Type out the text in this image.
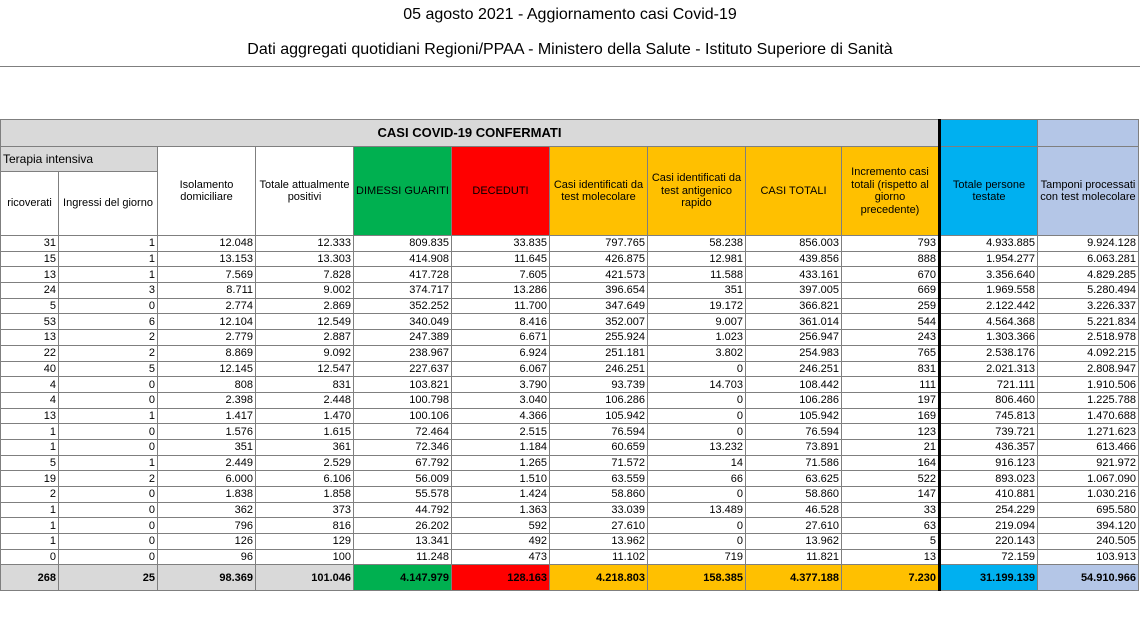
05 agosto 2021 - Aggiornamento casi Covid-19
Dati aggregati quotidiani Regioni/PPAA - Ministero della Salute - Istituto Superiore di Sanità
CASI COVID-19 CONFERMATI											
Terapia intensiva		Isolamento domiciliare	Totale attualmente positivi	DIMESSI GUARITI	DECEDUTI	Casi identificati da test molecolare	Casi identificati da test antigenico rapido	CASI TOTALI	Incremento casi totali (rispetto al giorno precedente)	Totale persone testate	Tamponi processati con test molecolare
ricoverati	Ingressi del giorno										
31	1	12.048	12.333	809.835	33.835	797.765	58.238	856.003	793	4.933.885	9.924.128
15	1	13.153	13.303	414.908	11.645	426.875	12.981	439.856	888	1.954.277	6.063.281
13	1	7.569	7.828	417.728	7.605	421.573	11.588	433.161	670	3.356.640	4.829.285
24	3	8.711	9.002	374.717	13.286	396.654	351	397.005	669	1.969.558	5.280.494
5	0	2.774	2.869	352.252	11.700	347.649	19.172	366.821	259	2.122.442	3.226.337
53	6	12.104	12.549	340.049	8.416	352.007	9.007	361.014	544	4.564.368	5.221.834
13	2	2.779	2.887	247.389	6.671	255.924	1.023	256.947	243	1.303.366	2.518.978
22	2	8.869	9.092	238.967	6.924	251.181	3.802	254.983	765	2.538.176	4.092.215
40	5	12.145	12.547	227.637	6.067	246.251	0	246.251	831	2.021.313	2.808.947
4	0	808	831	103.821	3.790	93.739	14.703	108.442	111	721.111	1.910.506
4	0	2.398	2.448	100.798	3.040	106.286	0	106.286	197	806.460	1.225.788
13	1	1.417	1.470	100.106	4.366	105.942	0	105.942	169	745.813	1.470.688
1	0	1.576	1.615	72.464	2.515	76.594	0	76.594	123	739.721	1.271.623
1	0	351	361	72.346	1.184	60.659	13.232	73.891	21	436.357	613.466
5	1	2.449	2.529	67.792	1.265	71.572	14	71.586	164	916.123	921.972
19	2	6.000	6.106	56.009	1.510	63.559	66	63.625	522	893.023	1.067.090
2	0	1.838	1.858	55.578	1.424	58.860	0	58.860	147	410.881	1.030.216
1	0	362	373	44.792	1.363	33.039	13.489	46.528	33	254.229	695.580
1	0	796	816	26.202	592	27.610	0	27.610	63	219.094	394.120
1	0	126	129	13.341	492	13.962	0	13.962	5	220.143	240.505
0	0	96	100	11.248	473	11.102	719	11.821	13	72.159	103.913
268	25	98.369	101.046	4.147.979	128.163	4.218.803	158.385	4.377.188	7.230	31.199.139	54.910.966
